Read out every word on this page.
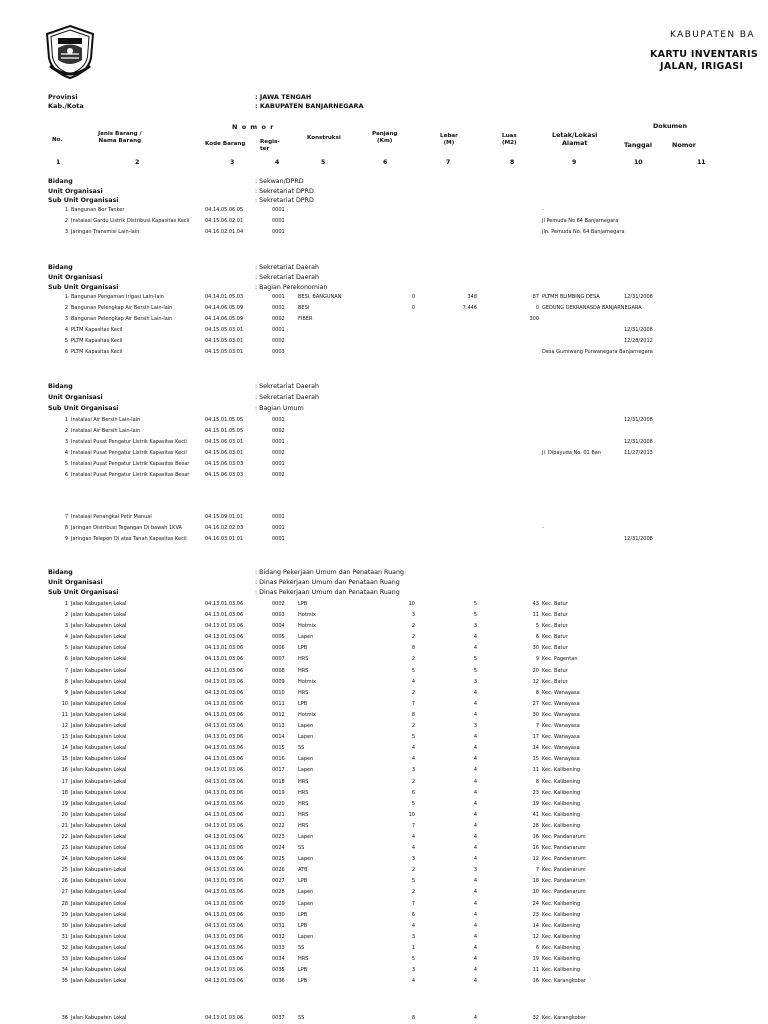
KABUPATEN BA
KARTU INVENTARIS
JALAN, IRIGASI
Provinsi	: JAWA TENGAH
Kab./Kota	: KABUPATEN BANJARNEGARA
N o m o r
No.
Jenis Barang /
Nama Barang	Kode Barang	Regis-
ter
Konstruksi
Panjang
(Km)
Lebar
(M)
Luas
(M2)
Letak/Lokasi
Alamat
Dokumen
Tanggal	Nomor
1	2	3	4	5	6	7	8	9	10	11
Bidang	: Sekwan/DPRD
Unit Organisasi	: Sekretariat DPRD
Sub Unit Organisasi	: Sekretariat DPRD
1 Bangunan Bor Tanker	04.14.05.06.05	0001	-
2 Instalasi Gardu Listrik Distribusi Kapasitas Kecil	04.15.06.02.01	0001	Jl Pemuda No 64 Banjarnegara
3 Jaringan Transmisi Lain-lain	04.16.02.01.04	0001	Jln. Pemuda No. 64 Banjarnegara
Bidang	: Sekretariat Daerah
Unit Organisasi	: Sekretariat Daerah
Sub Unit Organisasi	: Bagian Perekonomian
1 Bangunan Pengaman Irigasi Lain-lain	04.14.01.05.03	0001	BESI, BANGUNAN	0	348	87 PLTMH BLIMBING DESA	12/31/2008
2 Bangunan Pelengkap Air Bersih Lain-lain	04.14.06.05.09	0001	BESI	0	7,446	0 GEDUNG DEKRANASDA BANJARNEGARA
3 Bangunan Pelengkap Air Bersih Lain-lain	04.14.06.05.09	0002	FIBER	300
4 PLTM Kapasitas Kecil	04.15.05.03.01	0001	12/31/2008
5 PLTM Kapasitas Kecil	04.15.05.03.01	0002	12/28/2012
6 PLTM Kapasitas Kecil	04.15.05.03.01	0003	Desa Gumiwang Purwanegara Banjarnegara
Bidang	: Sekretariat Daerah
Unit Organisasi	: Sekretariat Daerah
Sub Unit Organisasi	: Bagian Umum
1 Instalasi Air Bersih Lain-lain	04.15.01.05.05	0001	12/31/2008
2 Instalasi Air Bersih Lain-lain	04.15.01.05.05	0002
3 Instalasi Pusat Pengatur Listrik Kapasitas Kecil	04.15.06.03.01	0001	12/31/2008
4 Instalasi Pusat Pengatur Listrik Kapasitas Kecil	04.15.06.03.01	0002	Jl. Dipayuda No. 01 Ban	11/27/2013
5 Instalasi Pusat Pengatur Listrik Kapasitas Besar	04.15.06.03.03	0001
6 Instalasi Pusat Pengatur Listrik Kapasitas Besar	04.15.06.03.03	0002
7 Instalasi Penangkal Petir Manual	04.15.09.01.01	0001
8 Jaringan Distribusi Tegangan Di bawah 1KVA	04.16.02.02.03	0001	-
9 Jaringan Telepon Di atas Tanah Kapasitas Kecil	04.16.03.01.01	0001	12/31/2008
Bidang	: Bidang Pekerjaan Umum dan Penataan Ruang
Unit Organisasi	: Dinas Pekerjaan Umum dan Penataan Ruang
Sub Unit Organisasi	: Dinas Pekerjaan Umum dan Penataan Ruang
1 Jalan Kabupaten Lokal	04.13.01.03.06	0002	LPB	10	5	43 Kec. Batur
2 Jalan Kabupaten Lokal	04.13.01.03.06	0003	Hotmix	3	5	11 Kec. Batur
3 Jalan Kabupaten Lokal	04.13.01.03.06	0004	Hotmix	2	3	5 Kec. Batur
4 Jalan Kabupaten Lokal	04.13.01.03.06	0005	Lapen	2	4	6 Kec. Batur
5 Jalan Kabupaten Lokal	04.13.01.03.06	0006	LPB	8	4	30 Kec. Batur
6 Jalan Kabupaten Lokal	04.13.01.03.06	0007	HRS	2	5	9 Kec. Pagentan
7 Jalan Kabupaten Lokal	04.13.01.03.06	0008	HRS	5	5	20 Kec. Batur
8 Jalan Kabupaten Lokal	04.13.01.03.06	0009	Hotmix	4	3	12 Kec. Batur
9 Jalan Kabupaten Lokal	04.13.01.03.06	0010	HRS	2	4	8 Kec. Wanayasa
10 Jalan Kabupaten Lokal	04.13.01.03.06	0011	LPB	7	4	27 Kec. Wanayasa
11 Jalan Kabupaten Lokal	04.13.01.03.06	0012	Hotmix	8	4	30 Kec. Wanayasa
12 Jalan Kabupaten Lokal	04.13.01.03.06	0013	Lapen	2	3	7 Kec. Wanayasa
13 Jalan Kabupaten Lokal	04.13.01.03.06	0014	Lapen	5	4	17 Kec. Wanayasa
14 Jalan Kabupaten Lokal	04.13.01.03.06	0015	SS	4	4	14 Kec. Wanayasa
15 Jalan Kabupaten Lokal	04.13.01.03.06	0016	Lapen	4	4	15 Kec. Wanayasa
16 Jalan Kabupaten Lokal	04.13.01.03.06	0017	Lapen	3	4	11 Kec. Kalibening
17 Jalan Kabupaten Lokal	04.13.01.03.06	0018	HRS	2	4	8 Kec. Kalibening
18 Jalan Kabupaten Lokal	04.13.01.03.06	0019	HRS	6	4	23 Kec. Kalibening
19 Jalan Kabupaten Lokal	04.13.01.03.06	0020	HRS	5	4	19 Kec. Kalibening
20 Jalan Kabupaten Lokal	04.13.01.03.06	0021	HRS	10	4	41 Kec. Kalibening
21 Jalan Kabupaten Lokal	04.13.01.03.06	0022	HRS	7	4	28 Kec. Kalibening
22 Jalan Kabupaten Lokal	04.13.01.03.06	0023	Lapen	4	4	16 Kec. Pandanarum
23 Jalan Kabupaten Lokal	04.13.01.03.06	0024	SS	4	4	16 Kec. Pandanarum
24 Jalan Kabupaten Lokal	04.13.01.03.06	0025	Lapen	3	4	12 Kec. Pandanarum
25 Jalan Kabupaten Lokal	04.13.01.03.06	0026	ATB	2	3	7 Kec. Pandanarum
26 Jalan Kabupaten Lokal	04.13.01.03.06	0027	LPB	5	4	18 Kec. Pandanarum
27 Jalan Kabupaten Lokal	04.13.01.03.06	0028	Lapen	2	4	10 Kec. Pandanarum
28 Jalan Kabupaten Lokal	04.13.01.03.06	0029	Lapen	7	4	24 Kec. Kalibening
29 Jalan Kabupaten Lokal	04.13.01.03.06	0030	LPB	6	4	23 Kec. Kalibening
30 Jalan Kabupaten Lokal	04.13.01.03.06	0031	LPB	4	4	14 Kec. Kalibening
31 Jalan Kabupaten Lokal	04.13.01.03.06	0032	Lapen	3	4	12 Kec. Kalibening
32 Jalan Kabupaten Lokal	04.13.01.03.06	0033	SS	1	4	6 Kec. Kalibening
33 Jalan Kabupaten Lokal	04.13.01.03.06	0034	HRS	5	4	19 Kec. Kalibening
34 Jalan Kabupaten Lokal	04.13.01.03.06	0035	LPB	3	4	11 Kec. Kalibening
35 Jalan Kabupaten Lokal	04.13.01.03.06	0036	LPB	4	4	16 Kec. Karangkobar
36 Jalan Kabupaten Lokal	04.13.01.03.06	0037	SS	8	4	32 Kec. Karangkobar
